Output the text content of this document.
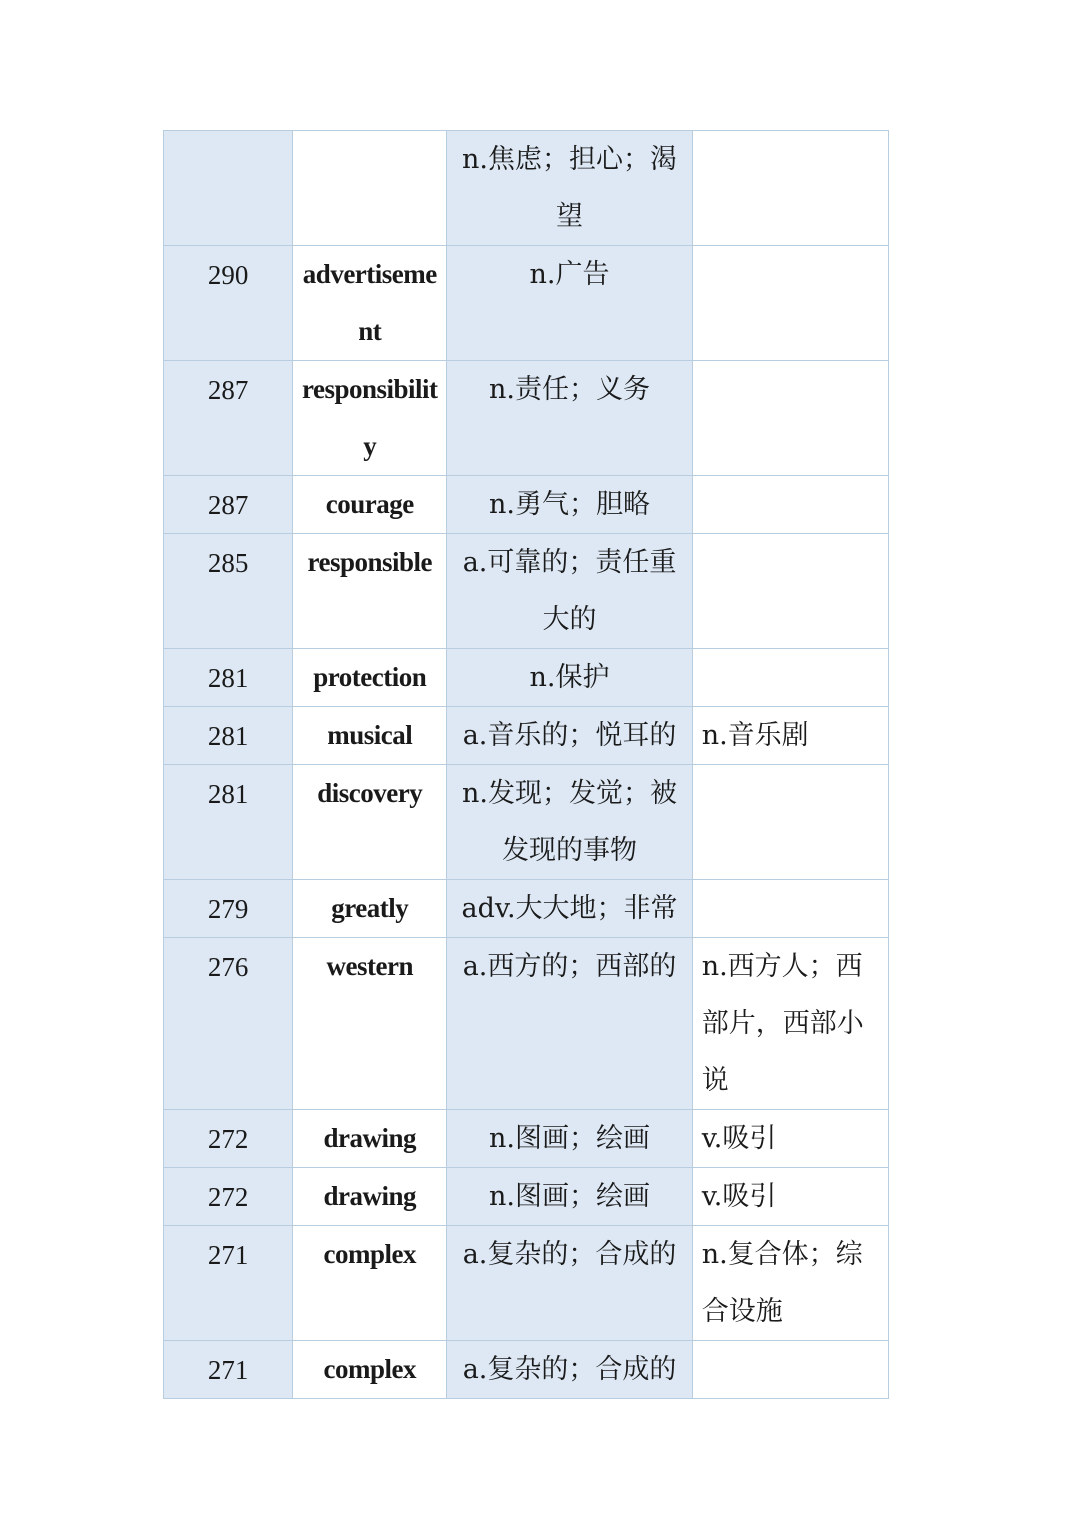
		n.焦虑；担心；渴望	
290	advertisement	n.广告	
287	responsibility	n.责任；义务	
287	courage	n.勇气；胆略	
285	responsible	a.可靠的；责任重大的	
281	protection	n.保护	
281	musical	a.音乐的；悦耳的	n.音乐剧
281	discovery	n.发现；发觉；被发现的事物	
279	greatly	adv.大大地；非常	
276	western	a.西方的；西部的	n.西方人；西部片，西部小说
272	drawing	n.图画；绘画	v.吸引
272	drawing	n.图画；绘画	v.吸引
271	complex	a.复杂的；合成的	n.复合体；综合设施
271	complex	a.复杂的；合成的	
